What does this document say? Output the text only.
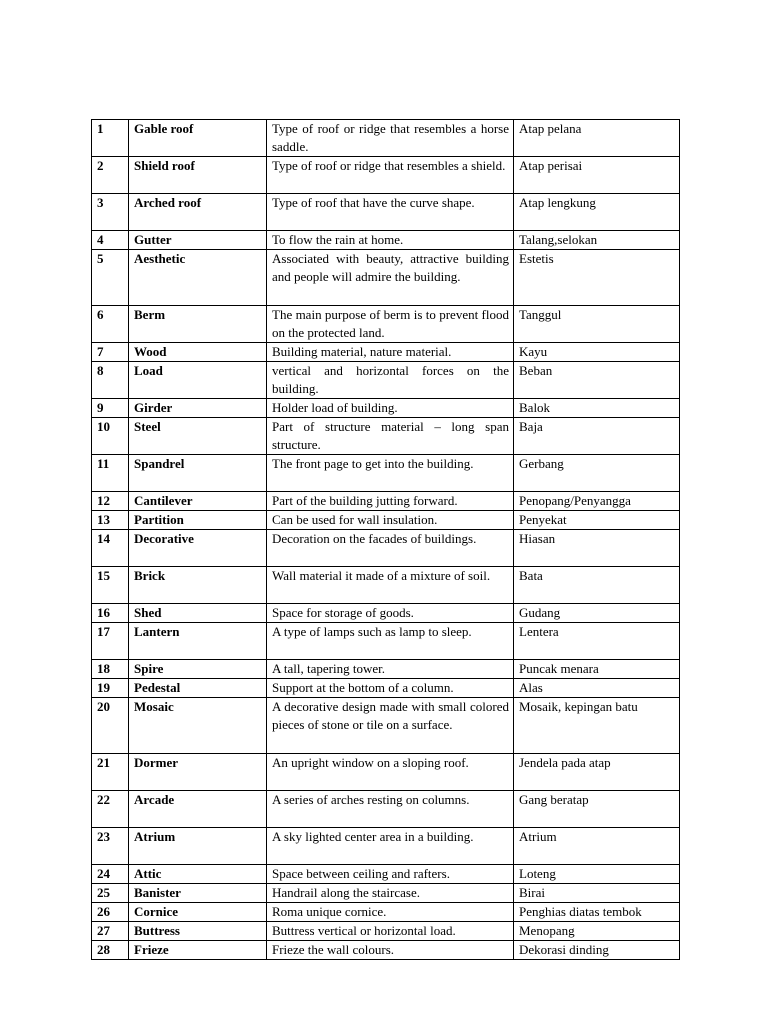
1	Gable roof	Type of roof or ridge that resembles a horse saddle.	Atap pelana
2	Shield roof	Type of roof or ridge that resembles a shield.	Atap perisai
3	Arched roof	Type of roof that have the curve shape.	Atap lengkung
4	Gutter	To flow the rain at home.	Talang,selokan
5	Aesthetic	Associated with beauty, attractive building and people will admire the building.	Estetis
6	Berm	The main purpose of berm is to prevent flood on the protected land.	Tanggul
7	Wood	Building material, nature material.	Kayu
8	Load	vertical and horizontal forces on the building.	Beban
9	Girder	Holder load of building.	Balok
10	Steel	Part of structure material – long span structure.	Baja
11	Spandrel	The front page to get into the building.	Gerbang
12	Cantilever	Part of the building jutting forward.	Penopang/Penyangga
13	Partition	Can be used for wall insulation.	Penyekat
14	Decorative	Decoration on the facades of buildings.	Hiasan
15	Brick	Wall material it made of a mixture of soil.	Bata
16	Shed	Space for storage of goods.	Gudang
17	Lantern	A type of lamps such as lamp to sleep.	Lentera
18	Spire	A tall, tapering tower.	Puncak menara
19	Pedestal	Support at the bottom of a column.	Alas
20	Mosaic	A decorative design made with small colored pieces of stone or tile on a surface.	Mosaik, kepingan batu
21	Dormer	An upright window on a sloping roof.	Jendela pada atap
22	Arcade	A series of arches resting on columns.	Gang beratap
23	Atrium	A sky lighted center area in a building.	Atrium
24	Attic	Space between ceiling and rafters.	Loteng
25	Banister	Handrail along the staircase.	Birai
26	Cornice	Roma unique cornice.	Penghias diatas tembok
27	Buttress	Buttress vertical or horizontal load.	Menopang
28	Frieze	Frieze the wall colours.	Dekorasi dinding
